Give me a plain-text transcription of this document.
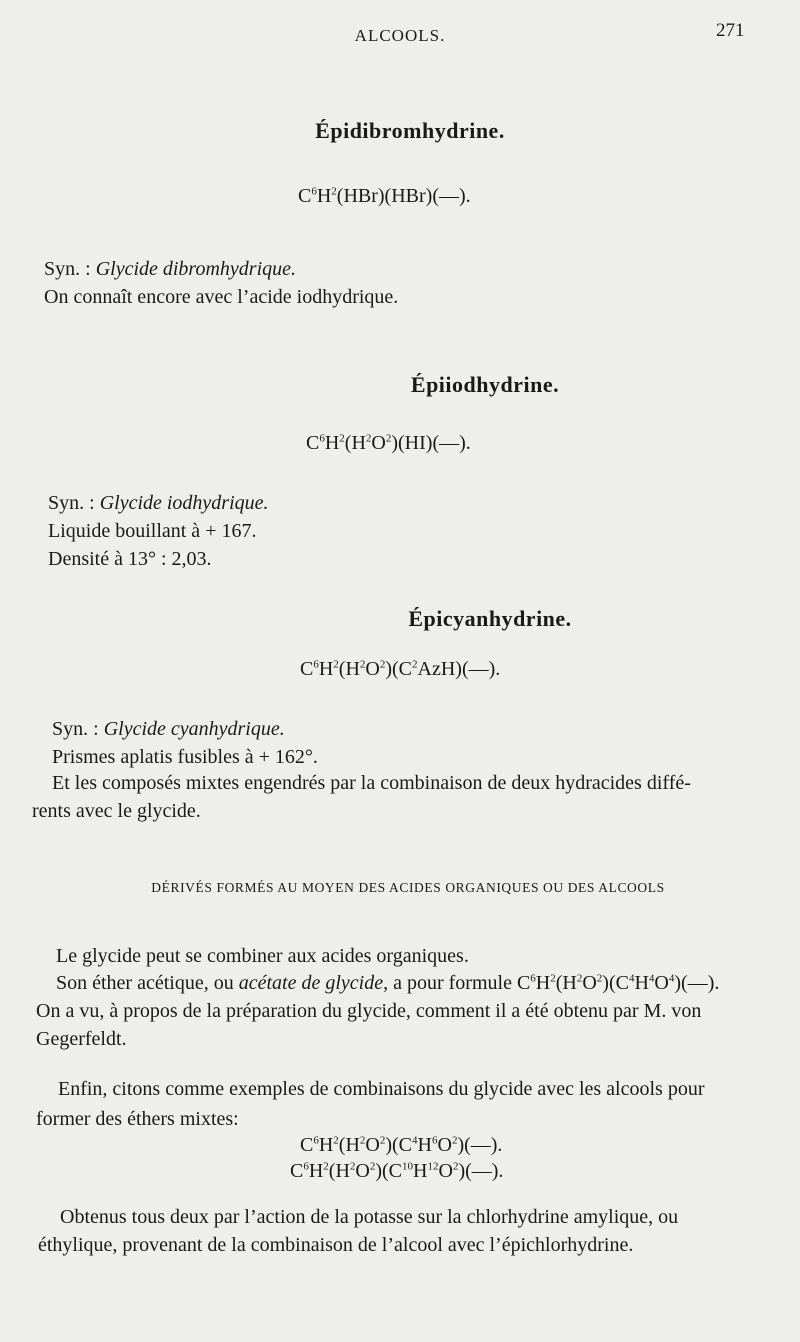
ALCOOLS.	271
Épidibromhydrine.
$C^6H^2(HBr)(HBr)(—)$.
Syn. : Glycide dibromhydrique.
On connaît encore avec l’acide iodhydrique.
Épiiodhydrine.
$C^6H^2(H^2O^2)(HI)(—)$.
Syn. : Glycide iodhydrique.
Liquide bouillant à + 167.
Densité à 13° : 2,03.
Épicyanhydrine.
$C^6H^2(H^2O^2)(C^2AzH)(—)$.
Syn. : Glycide cyanhydrique.
Prismes aplatis fusibles à + 162°.
Et les composés mixtes engendrés par la combinaison de deux hydracides diffé-
rents avec le glycide.
DÉRIVÉS FORMÉS AU MOYEN DES ACIDES ORGANIQUES OU DES ALCOOLS
Le glycide peut se combiner aux acides organiques.
Son éther acétique, ou acétate de glycide, a pour formule $C^6H^2(H^2O^2)(C^4H^4O^4)(—)$.
On a vu, à propos de la préparation du glycide, comment il a été obtenu par M. von
Gegerfeldt.
Enfin, citons comme exemples de combinaisons du glycide avec les alcools pour
former des éthers mixtes:
$C^6H^2(H^2O^2)(C^4H^6O^2)(—)$.
$C^6H^2(H^2O^2)(C^{10}H^{12}O^2)(—)$.
Obtenus tous deux par l’action de la potasse sur la chlorhydrine amylique, ou
éthylique, provenant de la combinaison de l’alcool avec l’épichlorhydrine.
